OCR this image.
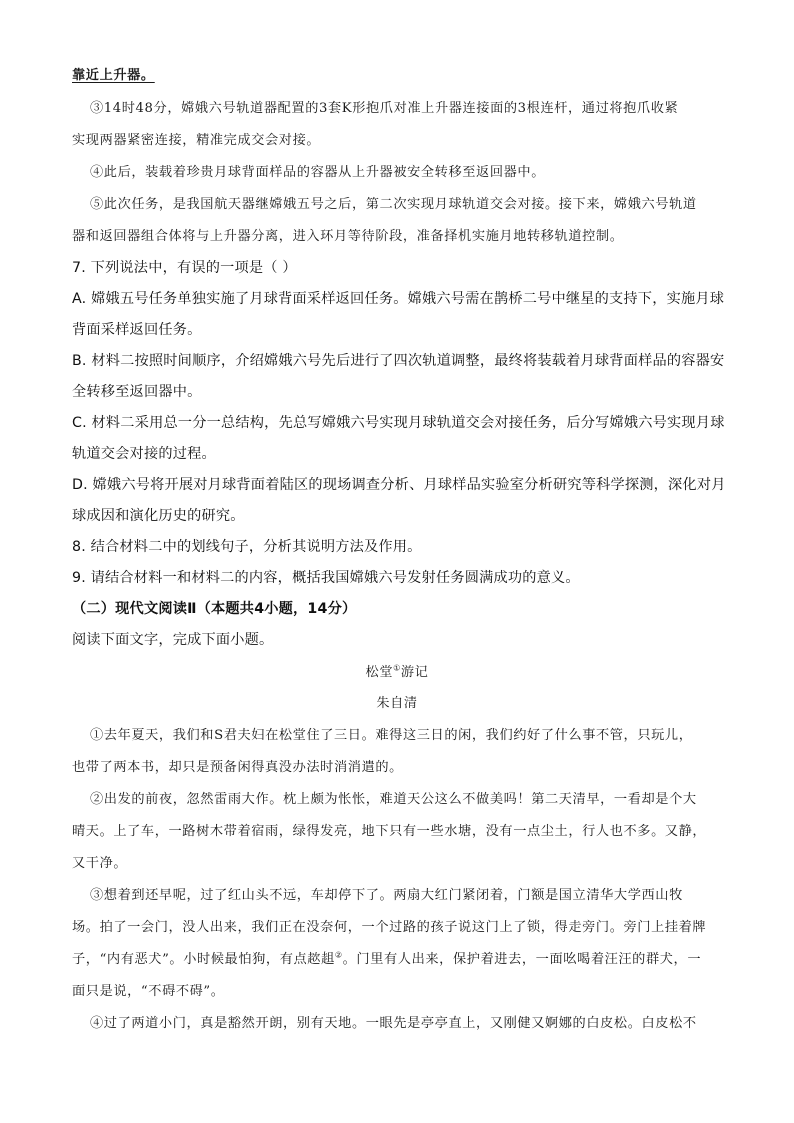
靠近上升器。

③14时48分，嫦娥六号轨道器配置的3套K形抱爪对准上升器连接面的3根连杆，通过将抱爪收紧

实现两器紧密连接，精准完成交会对接。

④此后，装载着珍贵月球背面样品的容器从上升器被安全转移至返回器中。

⑤此次任务，是我国航天器继嫦娥五号之后，第二次实现月球轨道交会对接。接下来，嫦娥六号轨道

器和返回器组合体将与上升器分离，进入环月等待阶段，准备择机实施月地转移轨道控制。

7. 下列说法中，有误的一项是（ ）

A. 嫦娥五号任务单独实施了月球背面采样返回任务。嫦娥六号需在鹊桥二号中继星的支持下，实施月球

背面采样返回任务。

B. 材料二按照时间顺序，介绍嫦娥六号先后进行了四次轨道调整，最终将装载着月球背面样品的容器安

全转移至返回器中。

C. 材料二采用总一分一总结构，先总写嫦娥六号实现月球轨道交会对接任务，后分写嫦娥六号实现月球

轨道交会对接的过程。

D. 嫦娥六号将开展对月球背面着陆区的现场调查分析、月球样品实验室分析研究等科学探测，深化对月

球成因和演化历史的研究。

8. 结合材料二中的划线句子，分析其说明方法及作用。

9. 请结合材料一和材料二的内容，概括我国嫦娥六号发射任务圆满成功的意义。

（二）现代文阅读Ⅱ（本题共4小题，14分）

阅读下面文字，完成下面小题。

松堂①游记

朱自清

①去年夏天，我们和S君夫妇在松堂住了三日。难得这三日的闲，我们约好了什么事不管，只玩儿，

也带了两本书，却只是预备闲得真没办法时消消遣的。

②出发的前夜，忽然雷雨大作。枕上颇为怅怅，难道天公这么不做美吗！第二天清早，一看却是个大

晴天。上了车，一路树木带着宿雨，绿得发亮，地下只有一些水塘，没有一点尘土，行人也不多。又静，

又干净。

③想着到还早呢，过了红山头不远，车却停下了。两扇大红门紧闭着，门额是国立清华大学西山牧

场。拍了一会门，没人出来，我们正在没奈何，一个过路的孩子说这门上了锁，得走旁门。旁门上挂着牌

子，“内有恶犬”。小时候最怕狗，有点趑趄②。门里有人出来，保护着进去，一面吆喝着汪汪的群犬，一

面只是说，“不碍不碍”。

④过了两道小门，真是豁然开朗，别有天地。一眼先是亭亭直上，又刚健又婀娜的白皮松。白皮松不
